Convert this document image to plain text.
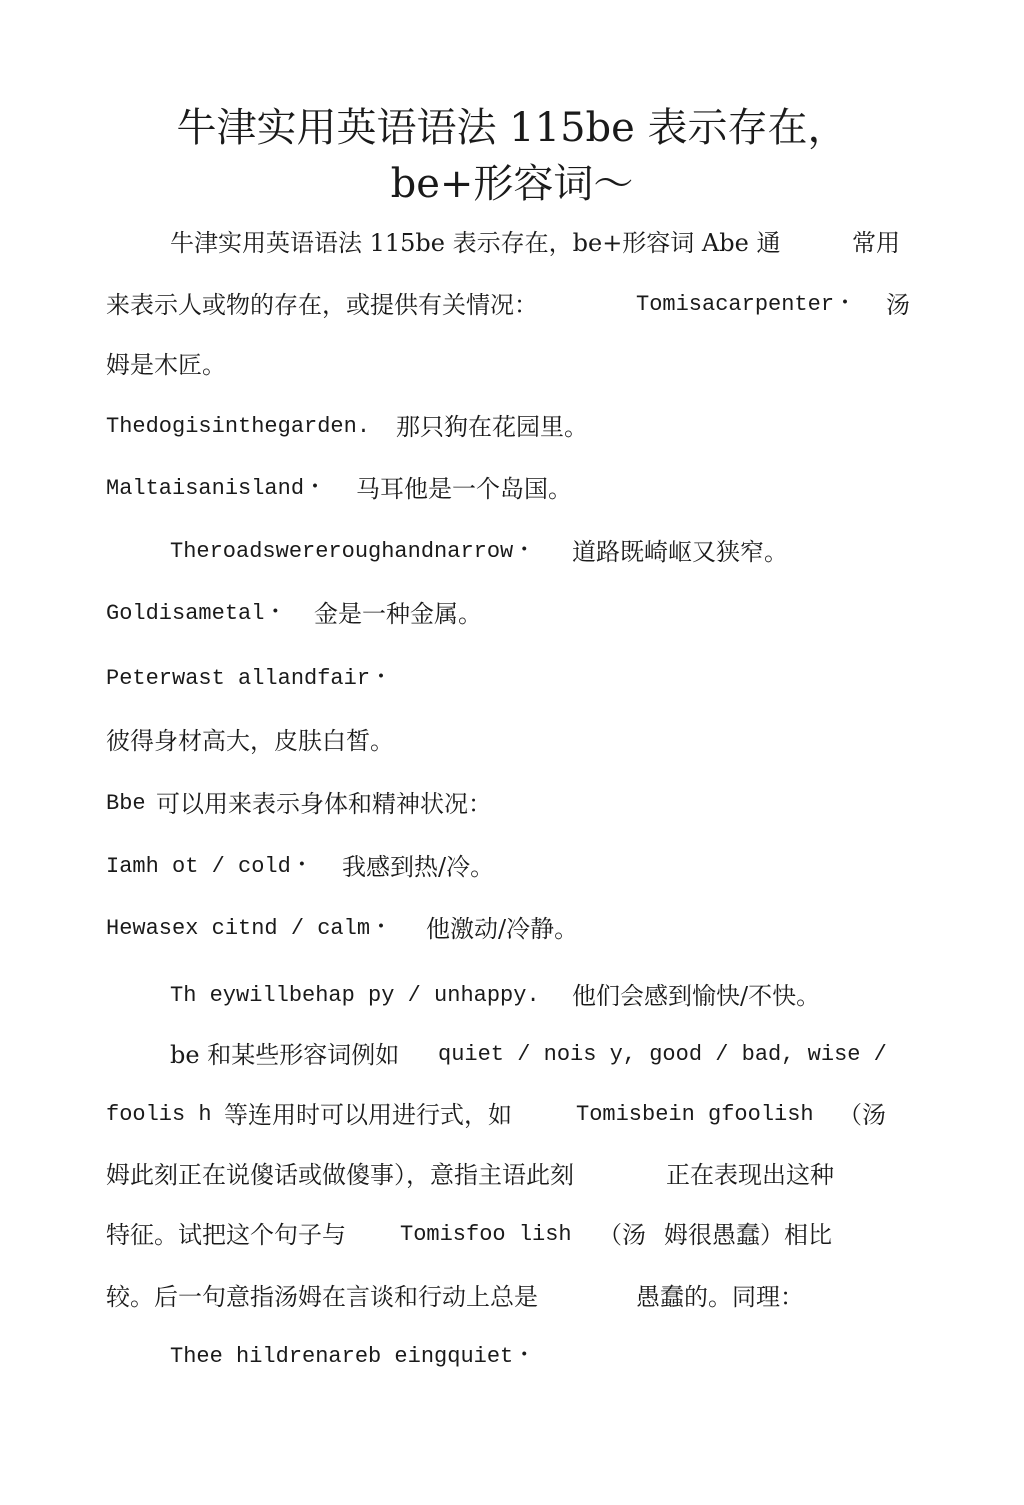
牛津实用英语语法 115be 表示存在，
be+形容词～
牛津实用英语语法 115be 表示存在，be+形容词 Abe 通	常用
来表示人或物的存在，或提供有关情况：	Tomisacarpenter・ 汤
姆是木匠。
Thedogisinthegarden. 那只狗在花园里。
Maltaisanisland・ 马耳他是一个岛国。
Theroadswereroughandnarrow・ 道路既崎岖又狭窄。
Goldisametal・ 金是一种金属。
Peterwast allandfair・
彼得身材高大，皮肤白皙。
Bbe 可以用来表示身体和精神状况：
Iamh ot / cold・ 我感到热/冷。
Hewasex citnd / calm・ 他激动/冷静。
Th eywillbehap py / unhappy. 他们会感到愉快/不快。
be 和某些形容词例如 quiet / nois y, good / bad, wise /
foolis h 等连用时可以用进行式，如	Tomisbein gfoolish （汤
姆此刻正在说傻话或做傻事），意指主语此刻	正在表现出这种
特征。试把这个句子与 Tomisfoo lish （汤 姆很愚蠢）相比
较。后一句意指汤姆在言谈和行动上总是	愚蠢的。同理：
Thee hildrenareb eingquiet・
